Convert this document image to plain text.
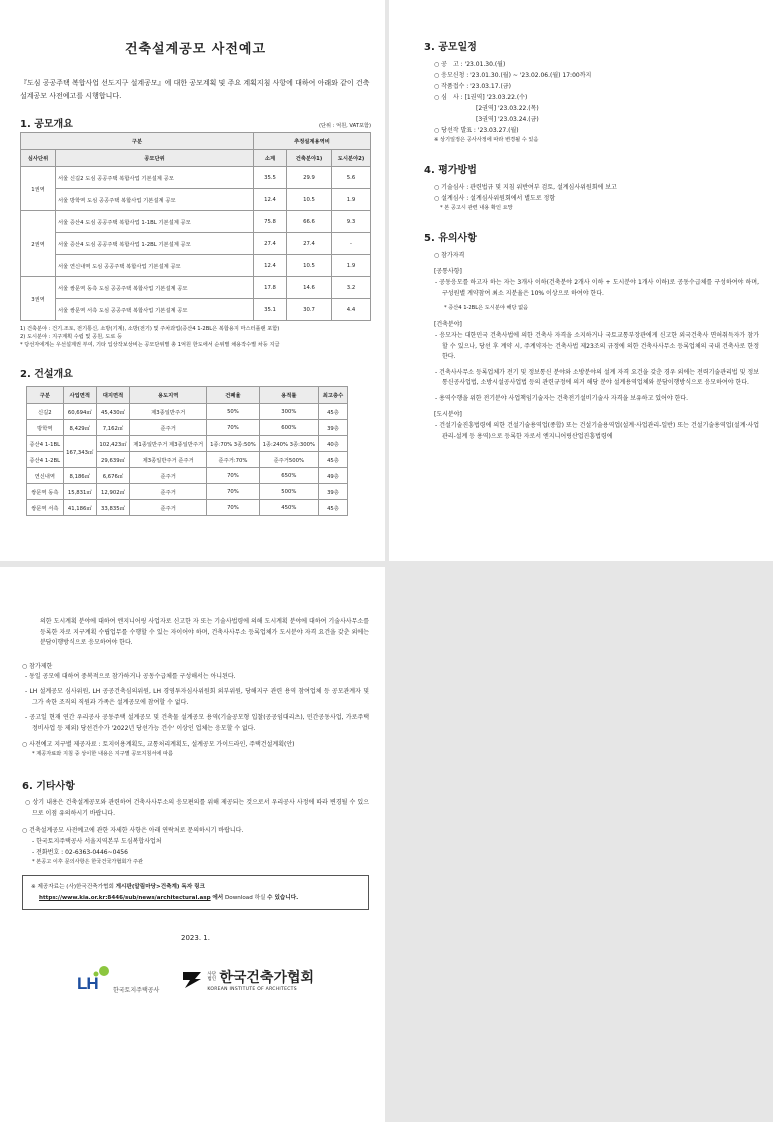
건축설계공모 사전예고
『도심 공공주택 복합사업 선도지구 설계공모』에 대한 공모계획 및 주요 계획지침 사항에 대하여 아래와 같이 건축설계공모 사전예고를 시행합니다.
1. 공모개요	(단위 : 억원, VAT포함)
구분		추정설계용역비		
심사단위	공모단위	소계	건축분야1)	도시분야2)
1권역	서울 신길2 도심 공공주택 복합사업 기본설계 공모	35.5	29.9	5.6
	서울 방학역 도심 공공주택 복합사업 기본설계 공모	12.4	10.5	1.9
2권역	서울 증산4 도심 공공주택 복합사업 1-1BL 기본설계 공모	75.8	66.6	9.3
	서울 증산4 도심 공공주택 복합사업 1-2BL 기본설계 공모	27.4	27.4	-
	서울 연신내역 도심 공공주택 복합사업 기본설계 공모	12.4	10.5	1.9
3권역	서울 쌍문역 동측 도심 공공주택 복합사업 기본설계 공모	17.8	14.6	3.2
	서울 쌍문역 서측 도심 공공주택 복합사업 기본설계 공모	35.1	30.7	4.4
1) 건축분야 : 건기.조토, 전기통신, 소방(기계), 소방(전기) 및 주차과업(증산4 1-2BL은 복합용지 마스터플랜 포함)
2) 도시분야 : 지구계획 수립 및 공원, 도로 등
* 당선자에게는 우선설계권 부여, 기타 입상작보상비는 공모단위별 총 1억원 한도에서 순위별 채용작수별 차등 지급
2. 건설개요
구분	사업면적	대지면적	용도지역	건폐율	용적률	최고층수
신길2	60,694㎡	45,430㎡	제3종일반주거	50%	300%	45층
방학역	8,429㎡	7,162㎡	준주거	70%	600%	39층
증산4 1-1BL	167,343㎡	102,423㎡	제1종일반주거 제3종일반주거	1종:70% 3종:50%	1종:240% 3종:300%	40층
증산4 1-2BL		29,639㎡	제3종일반주거 준주거	준주거:70%	준주거500%	45층
연신내역	8,186㎡	6,676㎡	준주거	70%	650%	49층
쌍문역 동측	15,831㎡	12,902㎡	준주거	70%	500%	39층
쌍문역 서측	41,186㎡	33,835㎡	준주거	70%	450%	45층
3. 공모일정
○ 공　고 : '23.01.30.(월)
○ 응모신청 : '23.01.30.(월) ~ '23.02.06.(월) 17:00까지
○ 작품접수 : '23.03.17.(금)
○ 심　사 : [1권역] '23.03.22.(수)
[2권역] '23.03.22.(목)
[3권역] '23.03.24.(금)
○ 당선작 발표 : '23.03.27.(월)
※ 상기일정은 공사사정에 따라 변경될 수 있음
4. 평가방법
○ 기술심사 : 관련법규 및 지침 위반여부 검토, 설계심사위원회에 보고
○ 설계심사 : 설계심사위원회에서 별도로 정함
* 본 공고시 관련 내용 확인 요망
5. 유의사항
○ 참가자격
[공통사항]
- 공동응모를 하고자 하는 자는 3개사 이하(건축분야 2개사 이하 + 도시분야 1개사 이하)로 공동수급체를 구성하여야 하며, 구성원별 계약참여 최소 지분율은 10% 이상으로 하여야 한다.
* 증산4 1-2BL은 도시분야 해당 없음
[건축분야]
- 응모자는 대한민국 건축사법에 의한 건축사 자격을 소지하거나 국토교통부장관에게 신고한 외국건축사 면허취득자가 참가할 수 있으나, 당선 후 계약 시, 주계약자는 건축사법 제23조의 규정에 의한 건축사사무소 등록업체의 국내 건축사로 한정한다.
- 건축사사무소 등록업체가 전기 및 정보통신 분야와 소방분야의 설계 자격 요건을 갖춘 경우 외에는 전력기술관리법 및 정보통신공사업법, 소방시설공사업법 등의 관련규정에 의거 해당 분야 설계용역업체와 분담이행방식으로 응모하여야 한다.
- 용역수행을 위한 전기분야 사업책임기술자는 건축전기설비기술사 자격을 보유하고 있어야 한다.
[도시분야]
- 건설기술진흥법령에 의한 건설기술용역업(종합) 또는 건설기술용역업(설계·사업관리-일반) 또는 건설기술용역업(설계·사업관리-설계 등 용역)으로 등록한 자로서 엔지니어링산업진흥법령에
의한 도시계획 분야에 대하여 엔지니어링 사업자로 신고한 자 또는 기술사법령에 의해 도시계획 분야에 대하여 기술사사무소를 등록한 자로 지구계획 수립업무를 수행할 수 있는 자이어야 하며, 건축사사무소 등록업체가 도시분야 자격 요건을 갖춘 외에는 분담이행방식으로 응모하여야 한다.
○ 참가제한
- 동일 공모에 대하여 중복적으로 참가하거나 공동수급체를 구성해서는 아니된다.
- LH 설계공모 심사위원, LH 공공건축심의위원, LH 경영투자심사위원회 외부위원, 당해지구 관련 용역 참여업체 등 공모관계자 및 그가 속한 조직의 직원과 가족은 설계공모에 참여할 수 없다.
- 공고일 현재 연간 우리공사 공동주택 설계공모 및 건축물 설계공모 용역(기술공모형 입찰(공공임대리츠), 민간공동사업, 가로주택정비사업 등 제외) 당선건수가 '2022년 당선가능 건수' 이상인 업체는 응모할 수 없다.
○ 사전예고 지구별 제공자료 : 토지이용계획도, 교통처리계획도, 설계공모 가이드라인, 주택건설계획(안)
* 제공자료와 지침 중 상이한 내용은 지구별 공모지침서에 따름
6. 기타사항
○ 상기 내용은 건축설계공모와 관련하여 건축사사무소의 응모편의를 위해 제공되는 것으로서 우리공사 사정에 따라 변경될 수 있으므로 이점 유의하시기 바랍니다.
○ 건축설계공모 사전예고에 관한 자세한 사항은 아래 연락처로 문의하시기 바랍니다.
- 한국토지주택공사 서울지역본부 도심복합사업처
- 전화번호 : 02-6363-0446~0456
* 본공고 이후 문의사항은 한국건국가협회가 주관
※ 제공자료는 (사)한국건축가협회 게시판(알림마당>건축계) 독자 링크
https://www.kia.or.kr:8446/sub/news/architectural.asp 에서 Download 하실 수 있습니다.
2023. 1.
LH	한국토지주택공사
사단 법인 한국건축가협회
KOREAN INSTITUTE OF ARCHITECTS
